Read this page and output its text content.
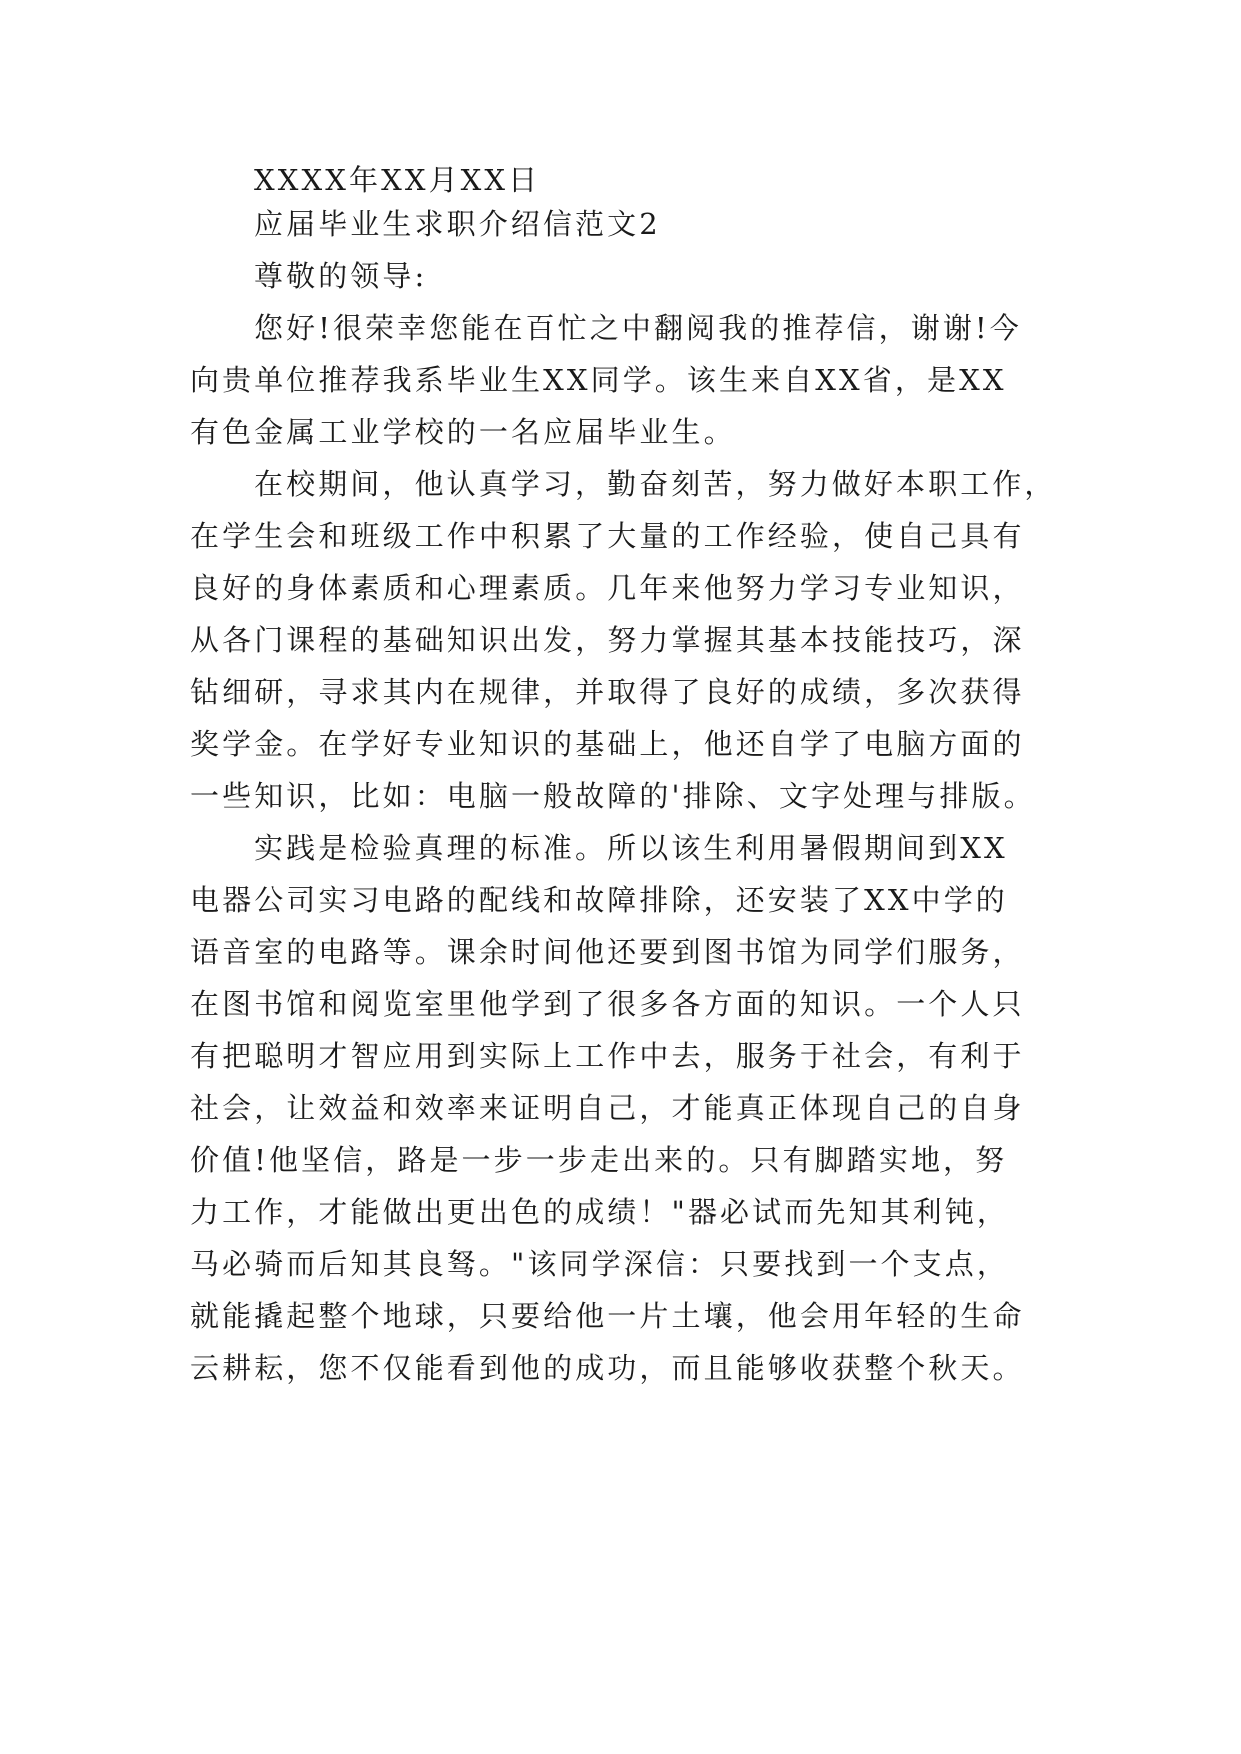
XXXX年XX月XX日
应届毕业生求职介绍信范文2
尊敬的领导:
您好!很荣幸您能在百忙之中翻阅我的推荐信，谢谢!今
向贵单位推荐我系毕业生XX同学。该生来自XX省，是XX
有色金属工业学校的一名应届毕业生。
在校期间，他认真学习，勤奋刻苦，努力做好本职工作，
在学生会和班级工作中积累了大量的工作经验，使自己具有
良好的身体素质和心理素质。几年来他努力学习专业知识，
从各门课程的基础知识出发，努力掌握其基本技能技巧，深
钻细研，寻求其内在规律，并取得了良好的成绩，多次获得
奖学金。在学好专业知识的基础上，他还自学了电脑方面的
一些知识，比如：电脑一般故障的'排除、文字处理与排版。
实践是检验真理的标准。所以该生利用暑假期间到XX
电器公司实习电路的配线和故障排除，还安装了XX中学的
语音室的电路等。课余时间他还要到图书馆为同学们服务，
在图书馆和阅览室里他学到了很多各方面的知识。一个人只
有把聪明才智应用到实际上工作中去，服务于社会，有利于
社会，让效益和效率来证明自己，才能真正体现自己的自身
价值!他坚信，路是一步一步走出来的。只有脚踏实地，努
力工作，才能做出更出色的成绩！"器必试而先知其利钝，
马必骑而后知其良驽。"该同学深信：只要找到一个支点，
就能撬起整个地球，只要给他一片土壤，他会用年轻的生命
云耕耘，您不仅能看到他的成功，而且能够收获整个秋天。
